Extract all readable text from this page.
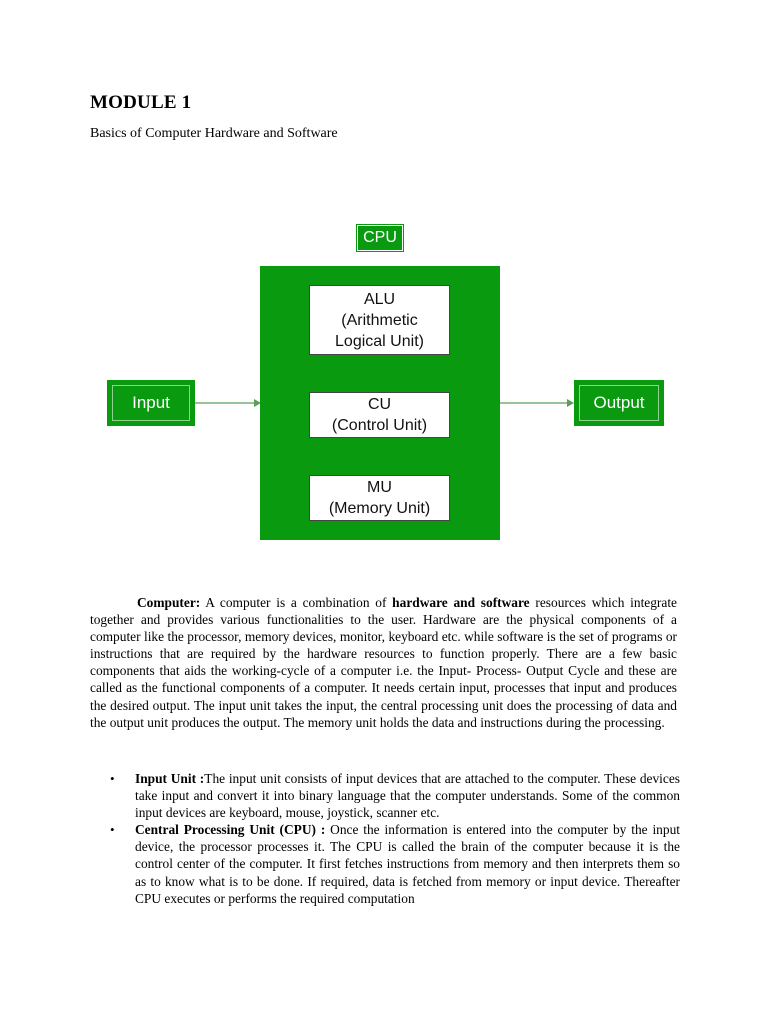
MODULE 1
Basics of Computer Hardware and Software
CPU
Input	Output
ALU
(Arithmetic
Logical Unit)
CU
(Control Unit)
MU
(Memory Unit)

Computer: A computer is a combination of hardware and software resources which integrate together and provides various functionalities to the user. Hardware are the physical components of a computer like the processor, memory devices, monitor, keyboard etc. while software is the set of programs or instructions that are required by the hardware resources to function properly. There are a few basic components that aids the working-cycle of a computer i.e. the Input- Process- Output Cycle and these are called as the functional components of a computer. It needs certain input, processes that input and produces the desired output. The input unit takes the input, the central processing unit does the processing of data and the output unit produces the output. The memory unit holds the data and instructions during the processing.

• Input Unit :The input unit consists of input devices that are attached to the computer. These devices take input and convert it into binary language that the computer understands. Some of the common input devices are keyboard, mouse, joystick, scanner etc.
• Central Processing Unit (CPU) : Once the information is entered into the computer by the input device, the processor processes it. The CPU is called the brain of the computer because it is the control center of the computer. It first fetches instructions from memory and then interprets them so as to know what is to be done. If required, data is fetched from memory or input device. Thereafter CPU executes or performs the required computation
